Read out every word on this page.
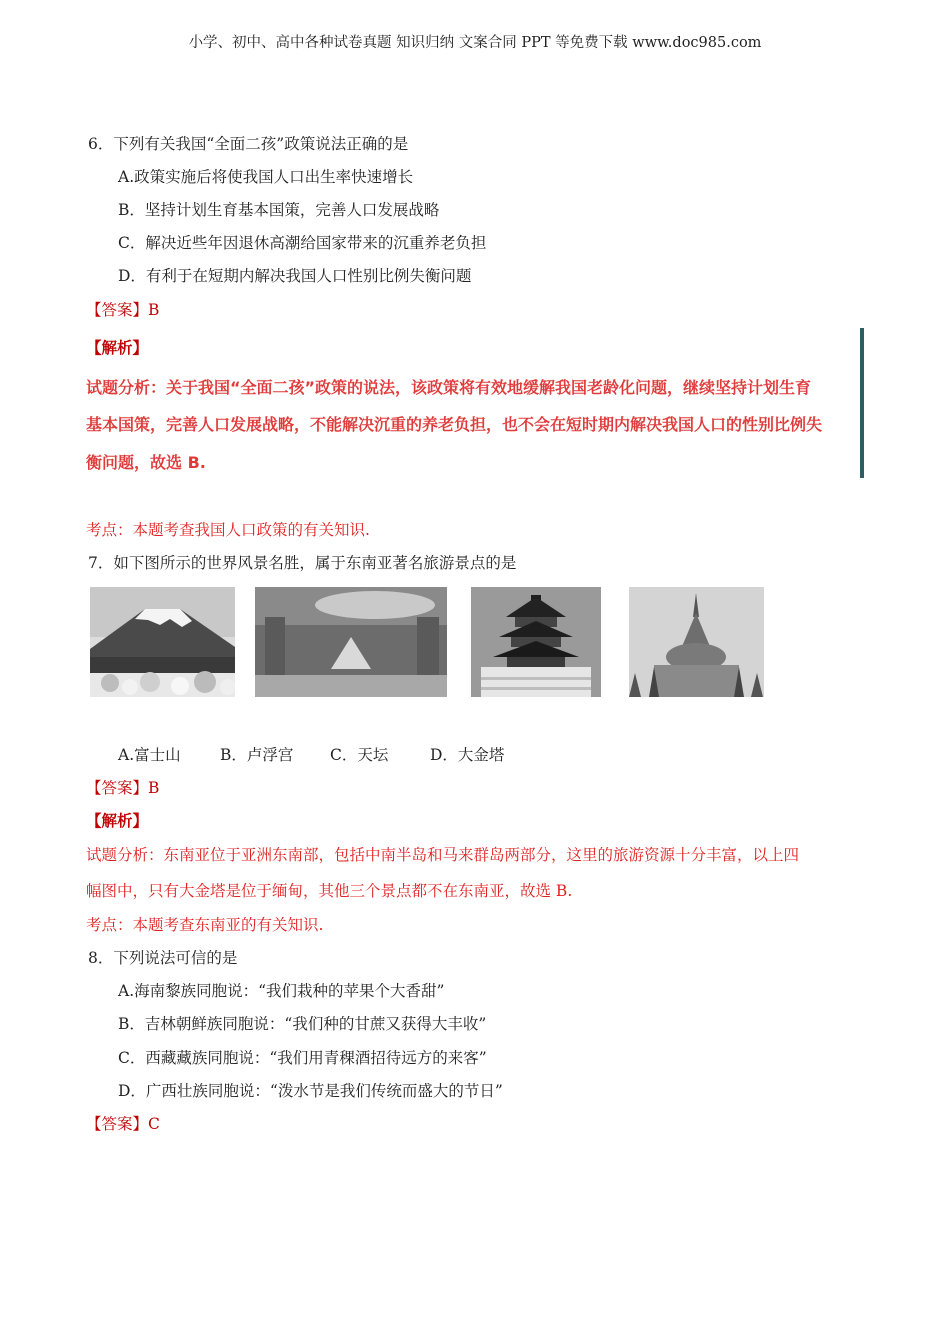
小学、初中、高中各种试卷真题 知识归纳 文案合同 PPT 等免费下载 www.doc985.com
6．下列有关我国“全面二孩”政策说法正确的是
A.政策实施后将使我国人口出生率快速增长
B．坚持计划生育基本国策，完善人口发展战略
C．解决近些年因退休高潮给国家带来的沉重养老负担
D．有利于在短期内解决我国人口性别比例失衡问题
【答案】B
【解析】
试题分析：关于我国“全面二孩”政策的说法，该政策将有效地缓解我国老龄化问题，继续坚持计划生育
基本国策，完善人口发展战略，不能解决沉重的养老负担，也不会在短时期内解决我国人口的性别比例失
衡问题，故选 B.
考点：本题考查我国人口政策的有关知识.
7．如下图所示的世界风景名胜，属于东南亚著名旅游景点的是
A.富士山	B．卢浮宫 C．天坛	D．大金塔
【答案】B
【解析】
试题分析：东南亚位于亚洲东南部，包括中南半岛和马来群岛两部分，这里的旅游资源十分丰富，以上四
幅图中，只有大金塔是位于缅甸，其他三个景点都不在东南亚，故选 B.
考点：本题考查东南亚的有关知识.
8．下列说法可信的是
A.海南黎族同胞说：“我们栽种的苹果个大香甜”
B．吉林朝鲜族同胞说：“我们种的甘蔗又获得大丰收”
C．西藏藏族同胞说：“我们用青稞酒招待远方的来客”
D．广西壮族同胞说：“泼水节是我们传统而盛大的节日”
【答案】C
